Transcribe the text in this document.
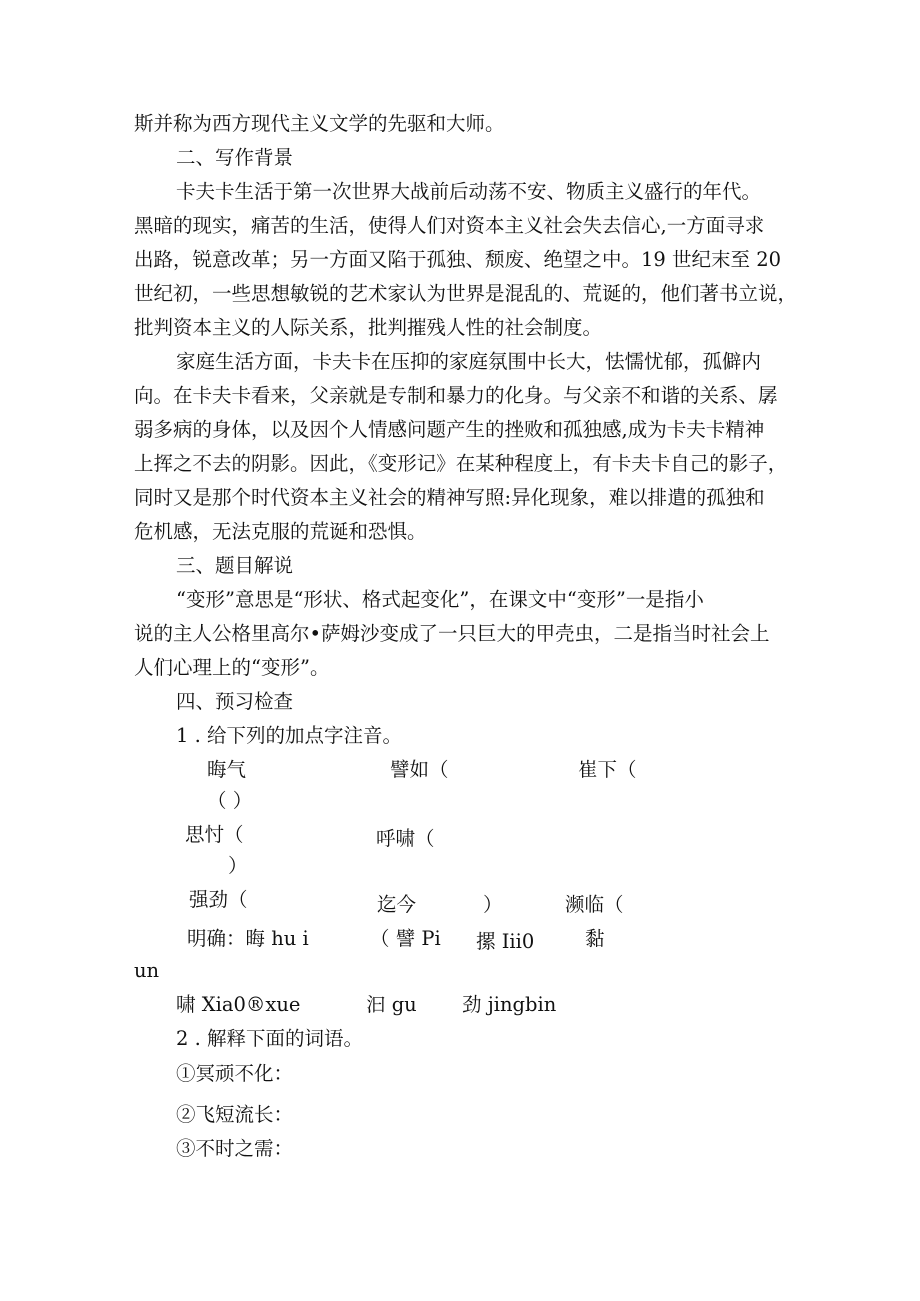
斯并称为西方现代主义文学的先驱和大师。
二、写作背景
卡夫卡生活于第一次世界大战前后动荡不安、物质主义盛行的年代。
黑暗的现实，痛苦的生活，使得人们对资本主义社会失去信心,一方面寻求
出路，锐意改革；另一方面又陷于孤独、颓废、绝望之中。19 世纪末至 20
世纪初，一些思想敏锐的艺术家认为世界是混乱的、荒诞的，他们著书立说，
批判资本主义的人际关系，批判摧残人性的社会制度。
家庭生活方面，卡夫卡在压抑的家庭氛围中长大，怯懦忧郁，孤僻内
向。在卡夫卡看来，父亲就是专制和暴力的化身。与父亲不和谐的关系、孱
弱多病的身体，以及因个人情感问题产生的挫败和孤独感,成为卡夫卡精神
上挥之不去的阴影。因此，《变形记》在某种程度上，有卡夫卡自己的影子，
同时又是那个时代资本主义社会的精神写照:异化现象，难以排遣的孤独和
危机感，无法克服的荒诞和恐惧。
三、题目解说
“变形”意思是“形状、格式起变化”，在课文中“变形”一是指小
说的主人公格里高尔•萨姆沙变成了一只巨大的甲壳虫，二是指当时社会上
人们心理上的“变形”。
四、预习检查
1 . 给下列的加点字注音。
晦气	譬如（	崔下（
（ ）
思忖（	呼啸（
）
强劲（	迄今	）	濒临（
明确：晦 hu i	（ 譬 Pi 摞 Iii0	黏
un
啸 Xia0®xue	汩 gu 劲 jingbin
2 . 解释下面的词语。
①冥顽不化：
②飞短流长：
③不时之需：
